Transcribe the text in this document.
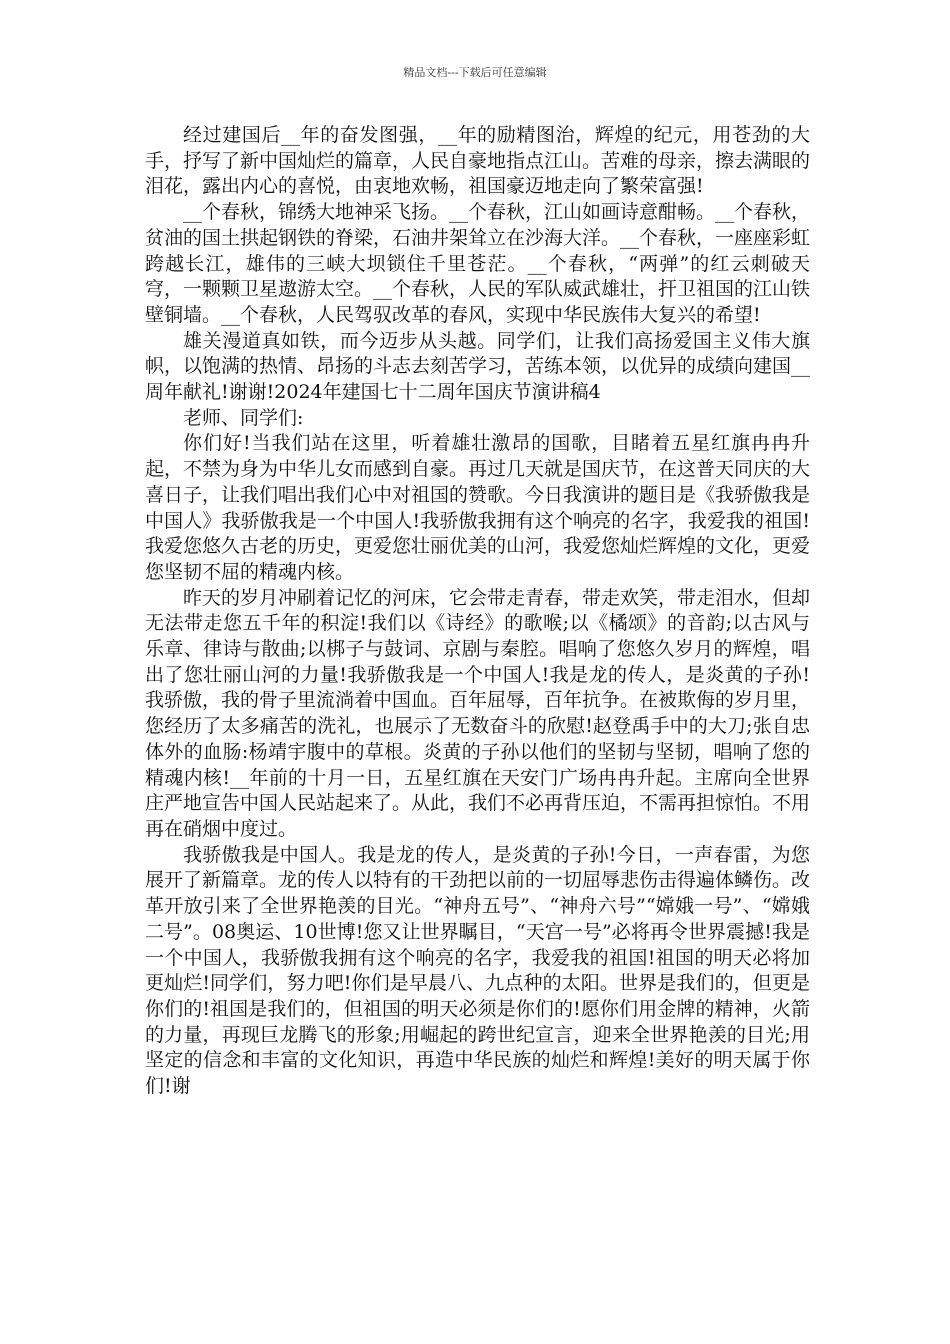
精品文档---下载后可任意编辑

经过建国后__年的奋发图强，__年的励精图治，辉煌的纪元，用苍劲的大手，抒写了新中国灿烂的篇章，人民自豪地指点江山。苦难的母亲，擦去满眼的泪花，露出内心的喜悦，由衷地欢畅，祖国豪迈地走向了繁荣富强!

__个春秋，锦绣大地神采飞扬。__个春秋，江山如画诗意酣畅。__个春秋，贫油的国土拱起钢铁的脊梁，石油井架耸立在沙海大洋。__个春秋，一座座彩虹跨越长江，雄伟的三峡大坝锁住千里苍茫。__个春秋，“两弹”的红云刺破天穹，一颗颗卫星遨游太空。__个春秋，人民的军队威武雄壮，扞卫祖国的江山铁壁铜墙。__个春秋，人民驾驭改革的春风，实现中华民族伟大复兴的希望!

雄关漫道真如铁，而今迈步从头越。同学们，让我们高扬爱国主义伟大旗帜，以饱满的热情、昂扬的斗志去刻苦学习，苦练本领，以优异的成绩向建国__周年献礼!谢谢!2024年建国七十二周年国庆节演讲稿4

老师、同学们:

你们好!当我们站在这里，听着雄壮激昂的国歌，目睹着五星红旗冉冉升起，不禁为身为中华儿女而感到自豪。再过几天就是国庆节，在这普天同庆的大喜日子，让我们唱出我们心中对祖国的赞歌。今日我演讲的题目是《我骄傲我是中国人》我骄傲我是一个中国人!我骄傲我拥有这个响亮的名字，我爱我的祖国!我爱您悠久古老的历史，更爱您壮丽优美的山河，我爱您灿烂辉煌的文化，更爱您坚韧不屈的精魂内核。

昨天的岁月冲刷着记忆的河床，它会带走青春，带走欢笑，带走泪水，但却无法带走您五千年的积淀!我们以《诗经》的歌喉;以《橘颂》的音韵;以古风与乐章、律诗与散曲;以梆子与鼓词、京剧与秦腔。唱响了您悠久岁月的辉煌，唱出了您壮丽山河的力量!我骄傲我是一个中国人!我是龙的传人，是炎黄的子孙!我骄傲，我的骨子里流淌着中国血。百年屈辱，百年抗争。在被欺侮的岁月里，您经历了太多痛苦的洗礼，也展示了无数奋斗的欣慰!赵登禹手中的大刀;张自忠体外的血肠:杨靖宇腹中的草根。炎黄的子孙以他们的坚韧与坚韧，唱响了您的精魂内核!__年前的十月一日，五星红旗在天安门广场冉冉升起。主席向全世界庄严地宣告中国人民站起来了。从此，我们不必再背压迫，不需再担惊怕。不用再在硝烟中度过。

我骄傲我是中国人。我是龙的传人，是炎黄的子孙!今日，一声春雷，为您展开了新篇章。龙的传人以特有的干劲把以前的一切屈辱悲伤击得遍体鳞伤。改革开放引来了全世界艳羡的目光。“神舟五号”、“神舟六号”“嫦娥一号”、“嫦娥二号”。08奥运、10世博!您又让世界瞩目，“天宫一号”必将再令世界震撼!我是一个中国人，我骄傲我拥有这个响亮的名字，我爱我的祖国!祖国的明天必将加更灿烂!同学们，努力吧!你们是早晨八、九点种的太阳。世界是我们的，但更是你们的!祖国是我们的，但祖国的明天必须是你们的!愿你们用金牌的精神，火箭的力量，再现巨龙腾飞的形象;用崛起的跨世纪宣言，迎来全世界艳羡的目光;用坚定的信念和丰富的文化知识，再造中华民族的灿烂和辉煌!美好的明天属于你们!谢
